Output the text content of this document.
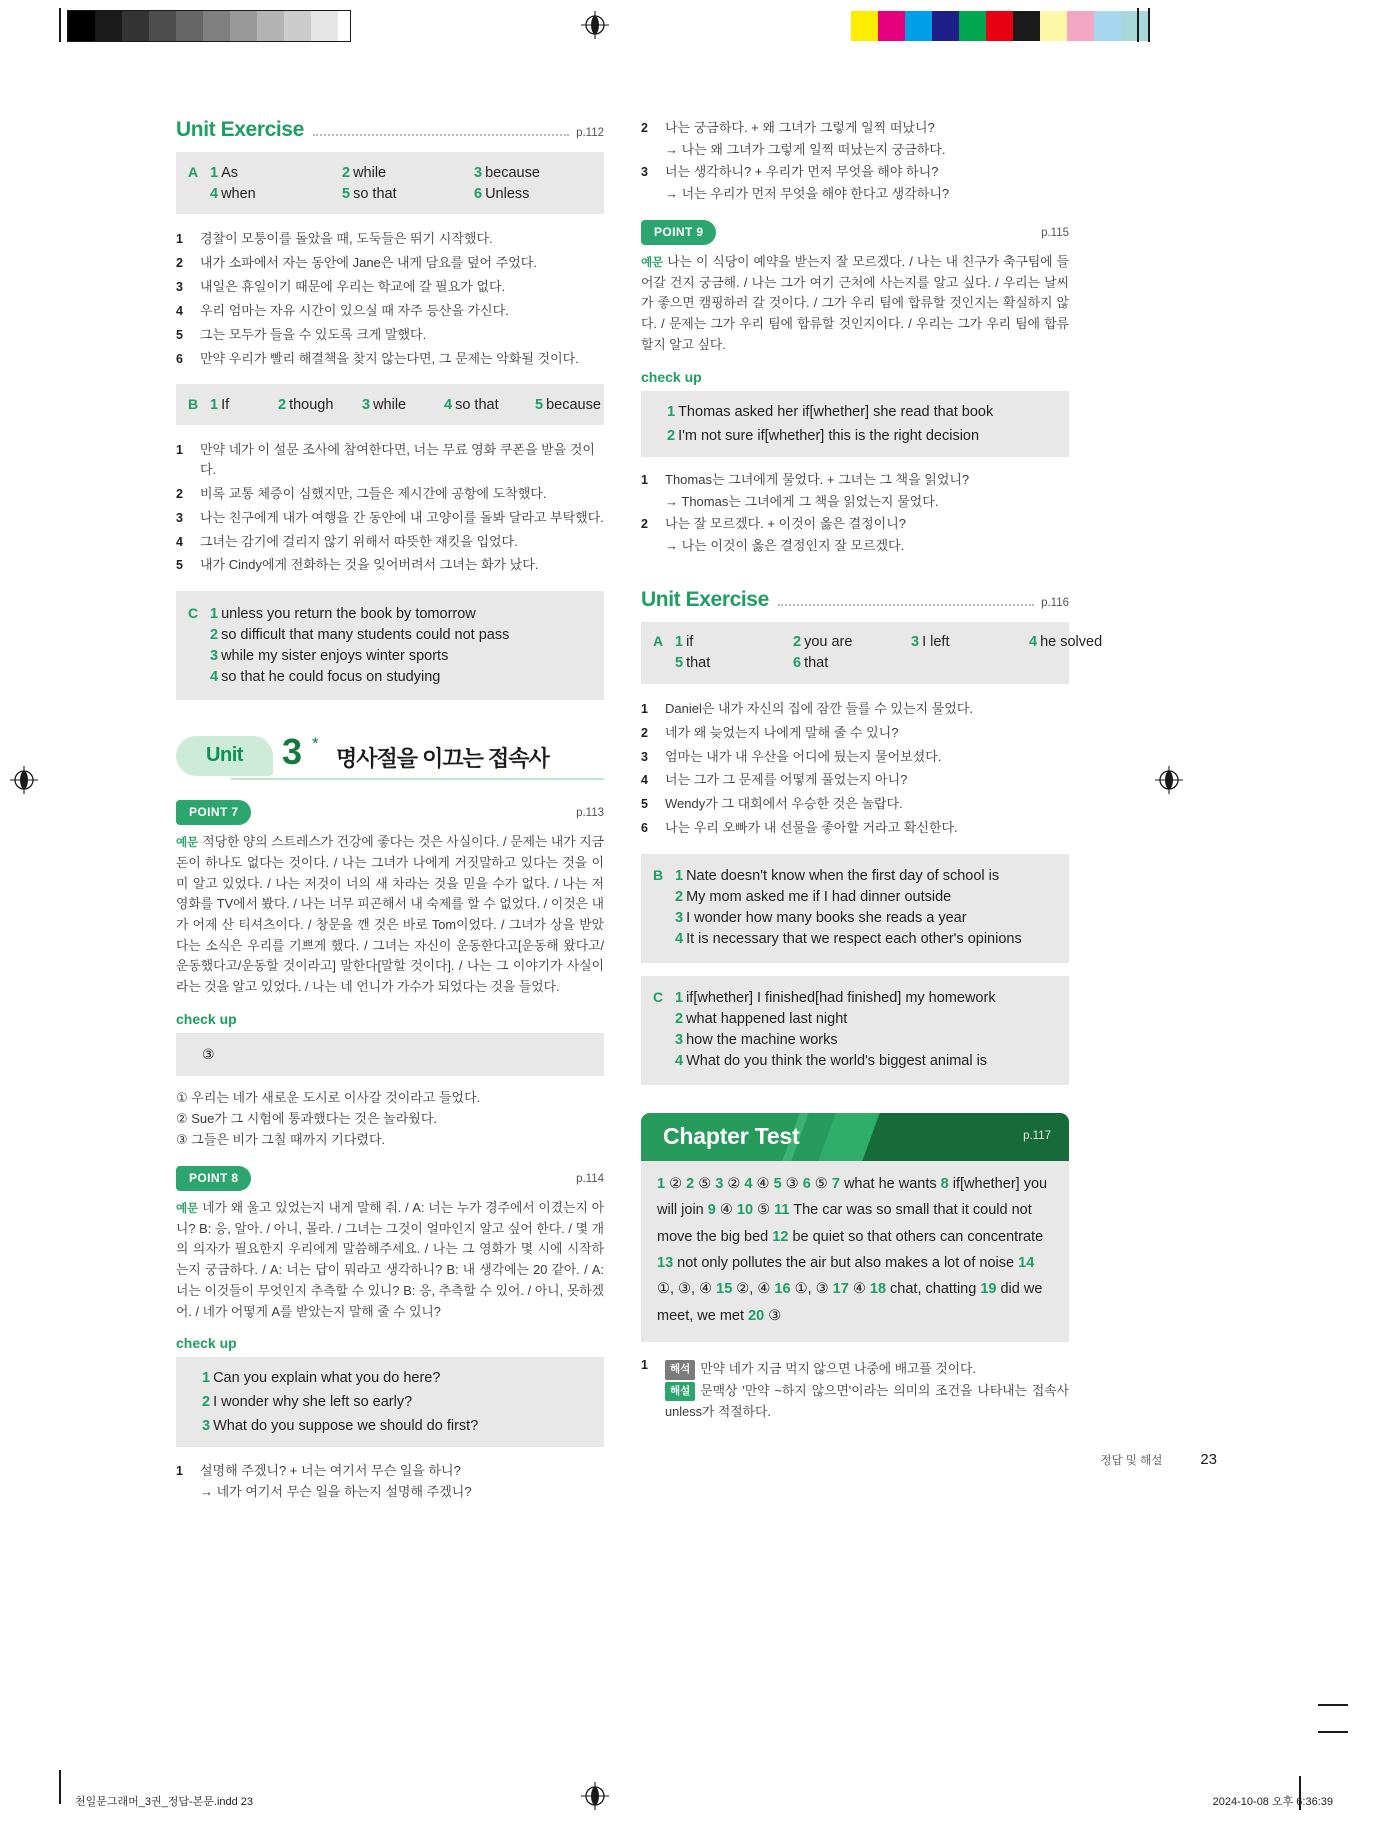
Unit Exercise	p.112
A 1 As	2 while	3 because
4 when	5 so that	6 Unless
1	경찰이 모퉁이를 돌았을 때, 도둑들은 뛰기 시작했다.
2	내가 소파에서 자는 동안에 Jane은 내게 담요를 덮어 주었다.
3	내일은 휴일이기 때문에 우리는 학교에 갈 필요가 없다.
4	우리 엄마는 자유 시간이 있으실 때 자주 등산을 가신다.
5	그는 모두가 들을 수 있도록 크게 말했다.
6	만약 우리가 빨리 해결책을 찾지 않는다면, 그 문제는 악화될 것이다.
B 1 If	2 though	3 while	4 so that	5 because
1	만약 네가 이 설문 조사에 참여한다면, 너는 무료 영화 쿠폰을 받을 것이다.
2	비록 교통 체증이 심했지만, 그들은 제시간에 공항에 도착했다.
3	나는 친구에게 내가 여행을 간 동안에 내 고양이를 돌봐 달라고 부탁했다.
4	그녀는 감기에 걸리지 않기 위해서 따뜻한 재킷을 입었다.
5	내가 Cindy에게 전화하는 것을 잊어버려서 그녀는 화가 났다.
C 1 unless you return the book by tomorrow
2 so difficult that many students could not pass
3 while my sister enjoys winter sports
4 so that he could focus on studying
Unit	3 *
명사절을 이끄는 접속사
POINT 7	p.113

예문 적당한 양의 스트레스가 건강에 좋다는 것은 사실이다. / 문제는 내가 지금 돈이 하나도 없다는 것이다. / 나는 그녀가 나에게 거짓말하고 있다는 것을 이미 알고 있었다. / 나는 저것이 너의 새 차라는 것을 믿을 수가 없다. / 나는 저 영화를 TV에서 봤다. / 나는 너무 피곤해서 내 숙제를 할 수 없었다. / 이것은 내가 어제 산 티셔츠이다. / 창문을 깬 것은 바로 Tom이었다. / 그녀가 상을 받았다는 소식은 우리를 기쁘게 했다. / 그녀는 자신이 운동한다고[운동해 왔다고/운동했다고/운동할 것이라고] 말한다[말할 것이다]. / 나는 그 이야기가 사실이라는 것을 알고 있었다. / 나는 네 언니가 가수가 되었다는 것을 들었다.

check up
③
① 우리는 네가 새로운 도시로 이사갈 것이라고 들었다.
② Sue가 그 시험에 통과했다는 것은 놀라웠다.
③ 그들은 비가 그칠 때까지 기다렸다.
POINT 8	p.114

예문 네가 왜 울고 있었는지 내게 말해 줘. / A: 너는 누가 경주에서 이겼는지 아니? B: 응, 알아. / 아니, 몰라. / 그녀는 그것이 얼마인지 알고 싶어 한다. / 몇 개의 의자가 필요한지 우리에게 말씀해주세요. / 나는 그 영화가 몇 시에 시작하는지 궁금하다. / A: 너는 답이 뭐라고 생각하니? B: 내 생각에는 20 같아. / A: 너는 이것들이 무엇인지 추측할 수 있니? B: 응, 추측할 수 있어. / 아니, 못하겠어. / 네가 어떻게 A를 받았는지 말해 줄 수 있니?

check up
1 Can you explain what you do here?
2 I wonder why she left so early?
3 What do you suppose we should do first?
1	설명해 주겠니? + 너는 여기서 무슨 일을 하니?
→ 네가 여기서 무슨 일을 하는지 설명해 주겠니?
2	나는 궁금하다. + 왜 그녀가 그렇게 일찍 떠났니?
→ 나는 왜 그녀가 그렇게 일찍 떠났는지 궁금하다.
3	너는 생각하니? + 우리가 먼저 무엇을 해야 하니?
→ 너는 우리가 먼저 무엇을 해야 한다고 생각하니?
POINT 9	p.115

예문 나는 이 식당이 예약을 받는지 잘 모르겠다. / 나는 내 친구가 축구팀에 들어갈 건지 궁금해. / 나는 그가 여기 근처에 사는지를 알고 싶다. / 우리는 날씨가 좋으면 캠핑하러 갈 것이다. / 그가 우리 팀에 합류할 것인지는 확실하지 않다. / 문제는 그가 우리 팀에 합류할 것인지이다. / 우리는 그가 우리 팀에 합류할지 알고 싶다.

check up
1 Thomas asked her if[whether] she read that book
2 I'm not sure if[whether] this is the right decision
1	Thomas는 그녀에게 물었다. + 그녀는 그 책을 읽었니?
→ Thomas는 그녀에게 그 책을 읽었는지 물었다.
2	나는 잘 모르겠다. + 이것이 옳은 결정이니?
→ 나는 이것이 옳은 결정인지 잘 모르겠다.
Unit Exercise	p.116
A 1 if	2 you are	3 I left	4 he solved
5 that	6 that
1	Daniel은 내가 자신의 집에 잠깐 들를 수 있는지 물었다.
2	네가 왜 늦었는지 나에게 말해 줄 수 있니?
3	엄마는 내가 내 우산을 어디에 뒀는지 물어보셨다.
4	너는 그가 그 문제를 어떻게 풀었는지 아니?
5	Wendy가 그 대회에서 우승한 것은 놀랍다.
6	나는 우리 오빠가 내 선물을 좋아할 거라고 확신한다.
B 1 Nate doesn't know when the first day of school is
2 My mom asked me if I had dinner outside
3 I wonder how many books she reads a year
4 It is necessary that we respect each other's opinions
C 1 if[whether] I finished[had finished] my homework
2 what happened last night
3 how the machine works
4 What do you think the world's biggest animal is
Chapter Test	p.117
1 ② 2 ⑤ 3 ② 4 ④ 5 ③ 6 ⑤ 7 what he wants 8 if[whether] you will join 9 ④ 10 ⑤ 11 The car was so small that it could not move the big bed 12 be quiet so that others can concentrate 13 not only pollutes the air but also makes a lot of noise 14 ①, ③, ④ 15 ②, ④ 16 ①, ③ 17 ④ 18 chat, chatting 19 did we meet, we met 20 ③
1	해석 만약 네가 지금 먹지 않으면 나중에 배고플 것이다.
해설 문맥상 '만약 ~하지 않으면'이라는 의미의 조건을 나타내는 접속사 unless가 적절하다.
정답 및 해설	23
천일문그래머_3권_정답-본문.indd 23	2024-10-08 오후 6:36:39
